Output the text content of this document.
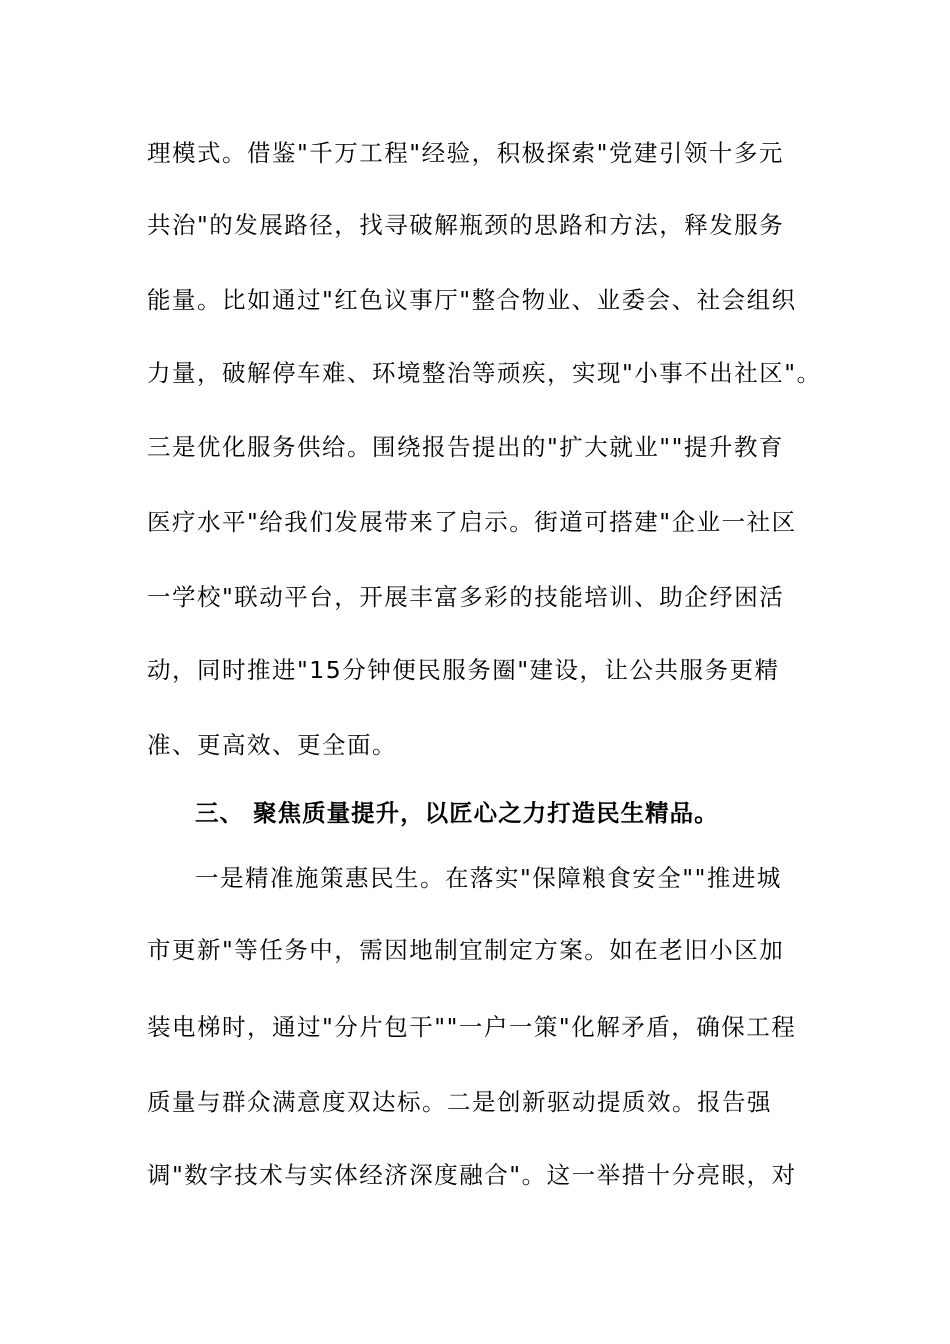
理模式。借鉴"千万工程"经验，积极探索"党建引领十多元
共治"的发展路径，找寻破解瓶颈的思路和方法，释发服务
能量。比如通过"红色议事厅"整合物业、业委会、社会组织
力量，破解停车难、环境整治等顽疾，实现"小事不出社区"。
三是优化服务供给。围绕报告提出的"扩大就业""提升教育
医疗水平"给我们发展带来了启示。街道可搭建"企业一社区
一学校"联动平台，开展丰富多彩的技能培训、助企纾困活
动，同时推进"15分钟便民服务圈"建设，让公共服务更精
准、更高效、更全面。
三、 聚焦质量提升，以匠心之力打造民生精品。
一是精准施策惠民生。在落实"保障粮食安全""推进城
市更新"等任务中，需因地制宜制定方案。如在老旧小区加
装电梯时，通过"分片包干""一户一策"化解矛盾，确保工程
质量与群众满意度双达标。二是创新驱动提质效。报告强
调"数字技术与实体经济深度融合"。这一举措十分亮眼，对
